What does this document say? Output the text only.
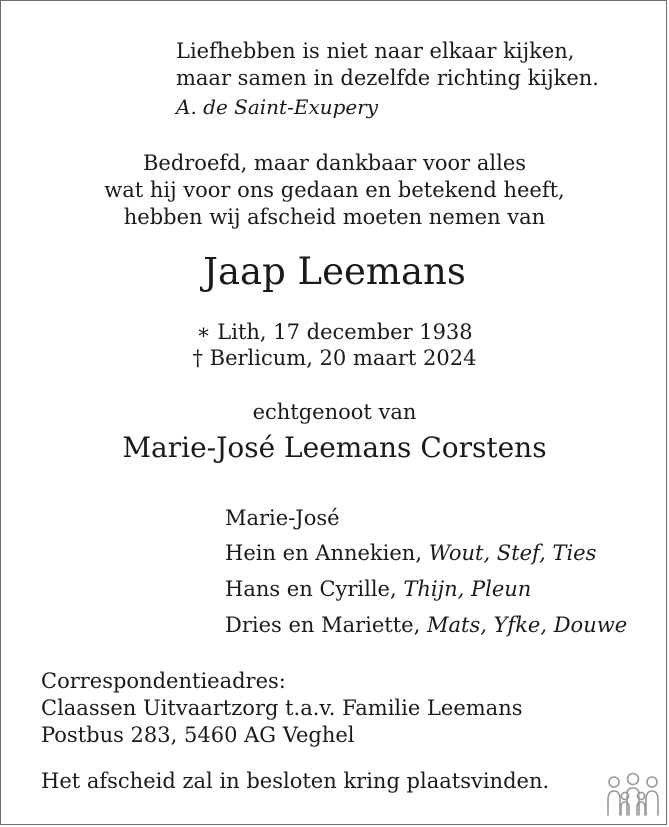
Liefhebben is niet naar elkaar kijken,
maar samen in dezelfde richting kijken.
A. de Saint-Exupery
Bedroefd, maar dankbaar voor alles
wat hij voor ons gedaan en betekend heeft,
hebben wij afscheid moeten nemen van
Jaap Leemans
∗ Lith, 17 december 1938
† Berlicum, 20 maart 2024
echtgenoot van
Marie-José Leemans Corstens
Marie-José
Hein en Annekien, Wout, Stef, Ties
Hans en Cyrille, Thijn, Pleun
Dries en Mariette, Mats, Yfke, Douwe
Correspondentieadres:
Claassen Uitvaartzorg t.a.v. Familie Leemans
Postbus 283, 5460 AG Veghel
Het afscheid zal in besloten kring plaatsvinden.
